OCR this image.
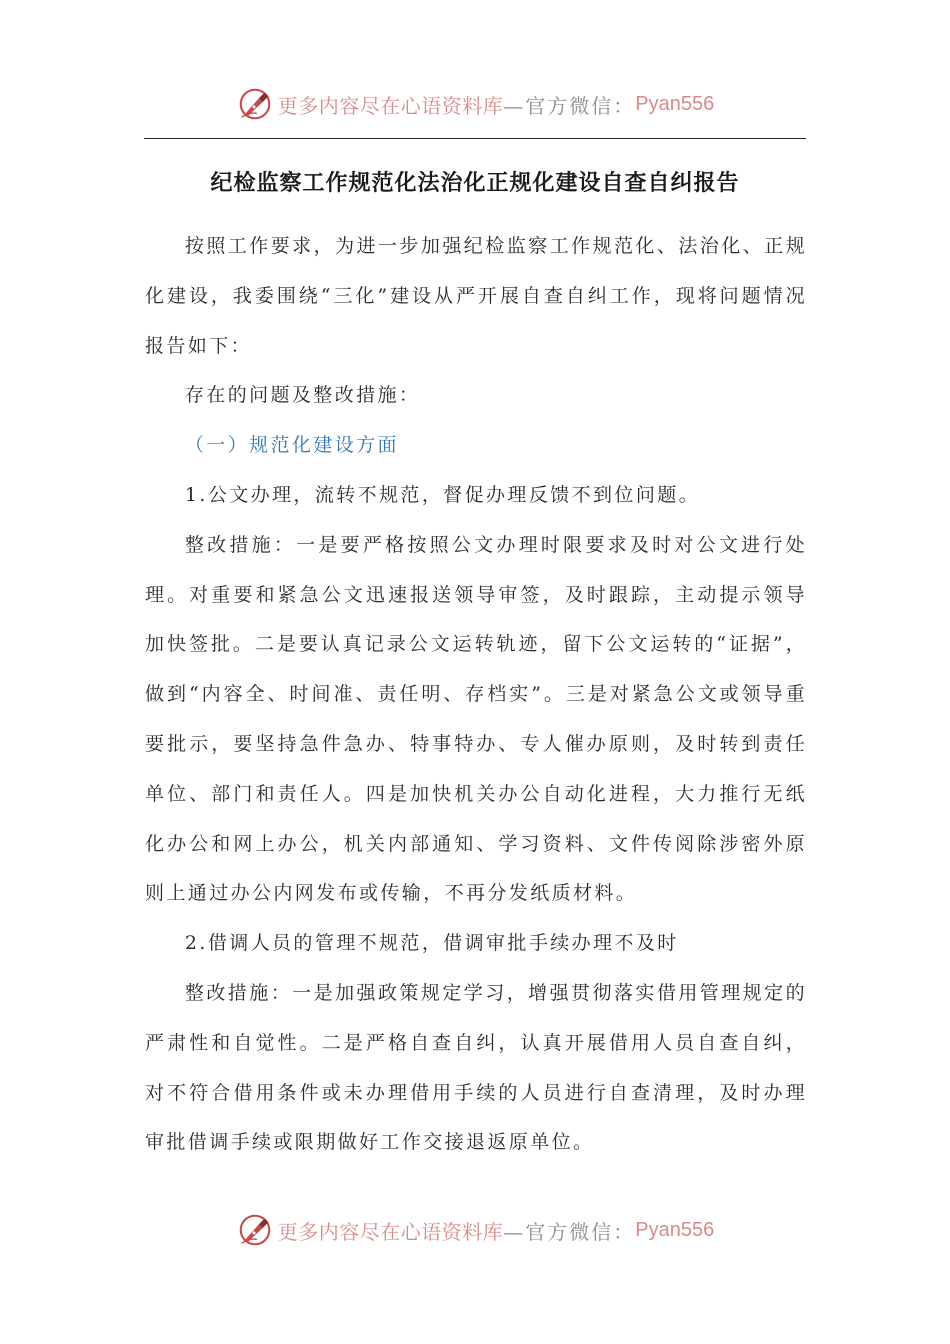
更多内容尽在心语资料库 —官方微信： Pyan556
纪检监察工作规范化法治化正规化建设自查自纠报告

按照工作要求，为进一步加强纪检监察工作规范化、法治化、正规化建设，我委围绕“三化”建设从严开展自查自纠工作，现将问题情况报告如下：

存在的问题及整改措施：

（一）规范化建设方面

1.公文办理，流转不规范，督促办理反馈不到位问题。

整改措施：一是要严格按照公文办理时限要求及时对公文进行处理。对重要和紧急公文迅速报送领导审签，及时跟踪，主动提示领导加快签批。二是要认真记录公文运转轨迹，留下公文运转的“证据”，做到“内容全、时间准、责任明、存档实”。三是对紧急公文或领导重要批示，要坚持急件急办、特事特办、专人催办原则，及时转到责任单位、部门和责任人。四是加快机关办公自动化进程，大力推行无纸化办公和网上办公，机关内部通知、学习资料、文件传阅除涉密外原则上通过办公内网发布或传输，不再分发纸质材料。

2.借调人员的管理不规范，借调审批手续办理不及时

整改措施：一是加强政策规定学习，增强贯彻落实借用管理规定的严肃性和自觉性。二是严格自查自纠，认真开展借用人员自查自纠，对不符合借用条件或未办理借用手续的人员进行自查清理，及时办理审批借调手续或限期做好工作交接退返原单位。

更多内容尽在心语资料库 —官方微信： Pyan556
